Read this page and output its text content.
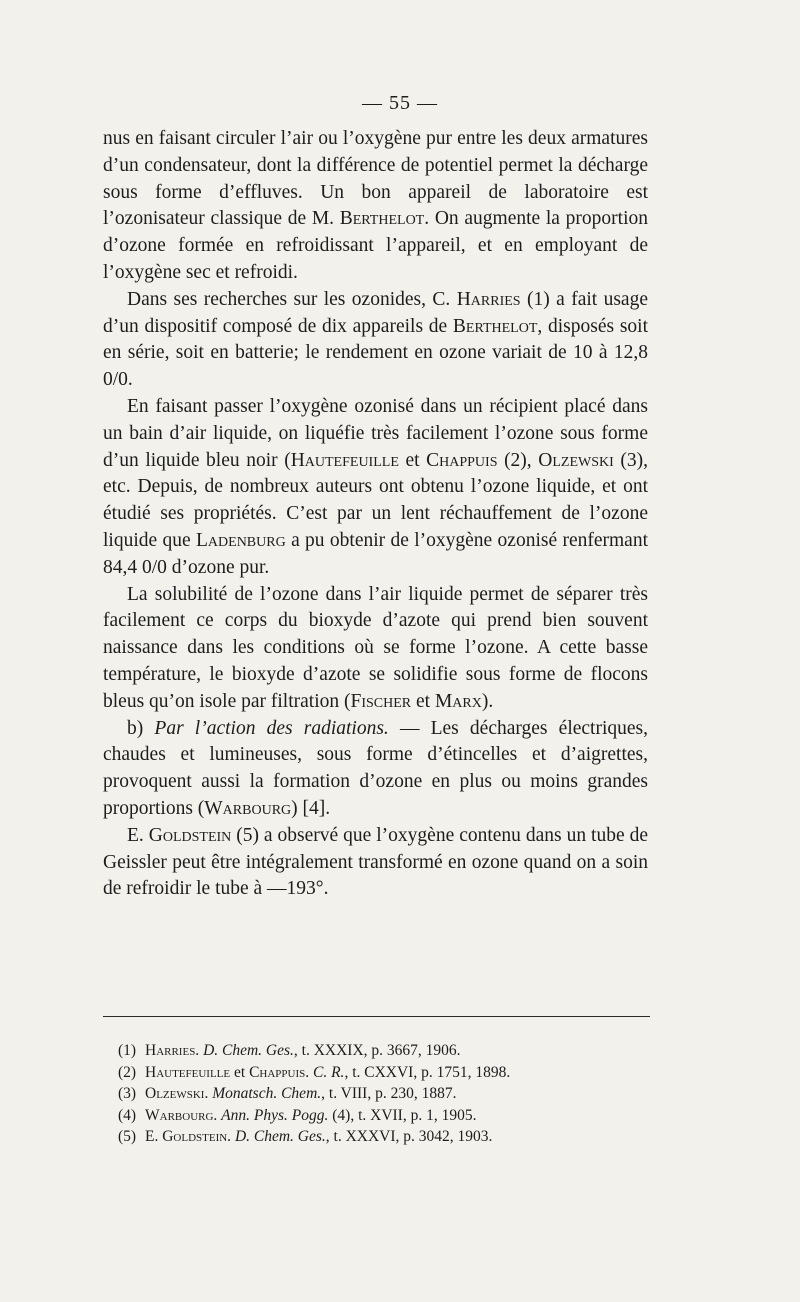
— 55 —

nus en faisant circuler l’air ou l’oxygène pur entre les deux armatures d’un condensateur, dont la différence de potentiel permet la décharge sous forme d’effluves. Un bon appareil de laboratoire est l’ozonisateur classique de M. Berthelot. On augmente la proportion d’ozone formée en refroidissant l’appareil, et en employant de l’oxygène sec et refroidi.

Dans ses recherches sur les ozonides, C. Harries (1) a fait usage d’un dispositif composé de dix appareils de Berthelot, disposés soit en série, soit en batterie; le rendement en ozone variait de 10 à 12,8 0/0.

En faisant passer l’oxygène ozonisé dans un récipient placé dans un bain d’air liquide, on liquéfie très facilement l’ozone sous forme d’un liquide bleu noir (Hautefeuille et Chappuis (2), Olzewski (3), etc. Depuis, de nombreux auteurs ont obtenu l’ozone liquide, et ont étudié ses propriétés. C’est par un lent réchauffement de l’ozone liquide que Ladenburg a pu obtenir de l’oxygène ozonisé renfermant 84,4 0/0 d’ozone pur.

La solubilité de l’ozone dans l’air liquide permet de séparer très facilement ce corps du bioxyde d’azote qui prend bien souvent naissance dans les conditions où se forme l’ozone. A cette basse température, le bioxyde d’azote se solidifie sous forme de flocons bleus qu’on isole par filtration (Fischer et Marx).

b) Par l’action des radiations. — Les décharges électriques, chaudes et lumineuses, sous forme d’étincelles et d’aigrettes, provoquent aussi la formation d’ozone en plus ou moins grandes proportions (Warbourg) [4].

E. Goldstein (5) a observé que l’oxygène contenu dans un tube de Geissler peut être intégralement transformé en ozone quand on a soin de refroidir le tube à —193°.

(1) Harries. D. Chem. Ges., t. XXXIX, p. 3667, 1906.
(2) Hautefeuille et Chappuis. C. R., t. CXXVI, p. 1751, 1898.
(3) Olzewski. Monatsch. Chem., t. VIII, p. 230, 1887.
(4) Warbourg. Ann. Phys. Pogg. (4), t. XVII, p. 1, 1905.
(5) E. Goldstein. D. Chem. Ges., t. XXXVI, p. 3042, 1903.
